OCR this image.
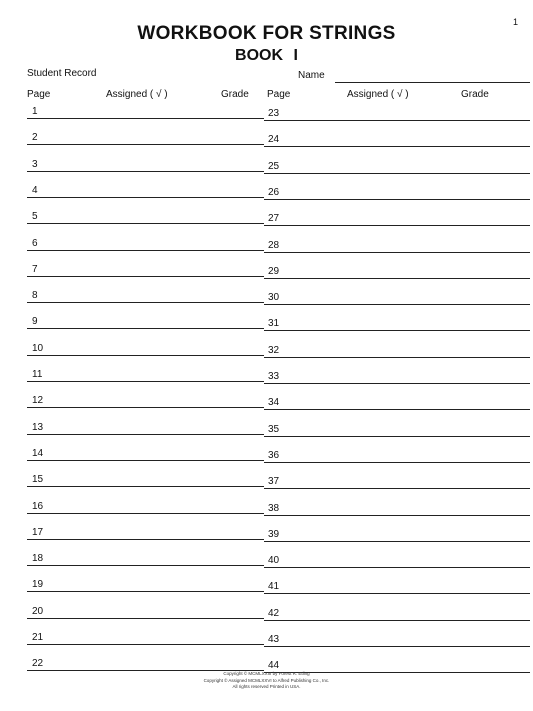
1
WORKBOOK FOR STRINGS
BOOK I
Student Record	Name
Page	Assigned ( √ )	Grade Page	Assigned ( √ )	Grade
1	23
2	24
3	25
4	26
5	27
6	28
7	29
8	30
9	31
10	32
11	33
12	34
13	35
14	36
15	37
16	38
17	39
18	40
19	41
20	42
21	43
22	44
Copyright © MCMLXXIII by Forest R. Etling
Copyright © Assigned MCMLXXVI to Alfred Publishing Co., Inc.
All rights reserved Printed in USA.
